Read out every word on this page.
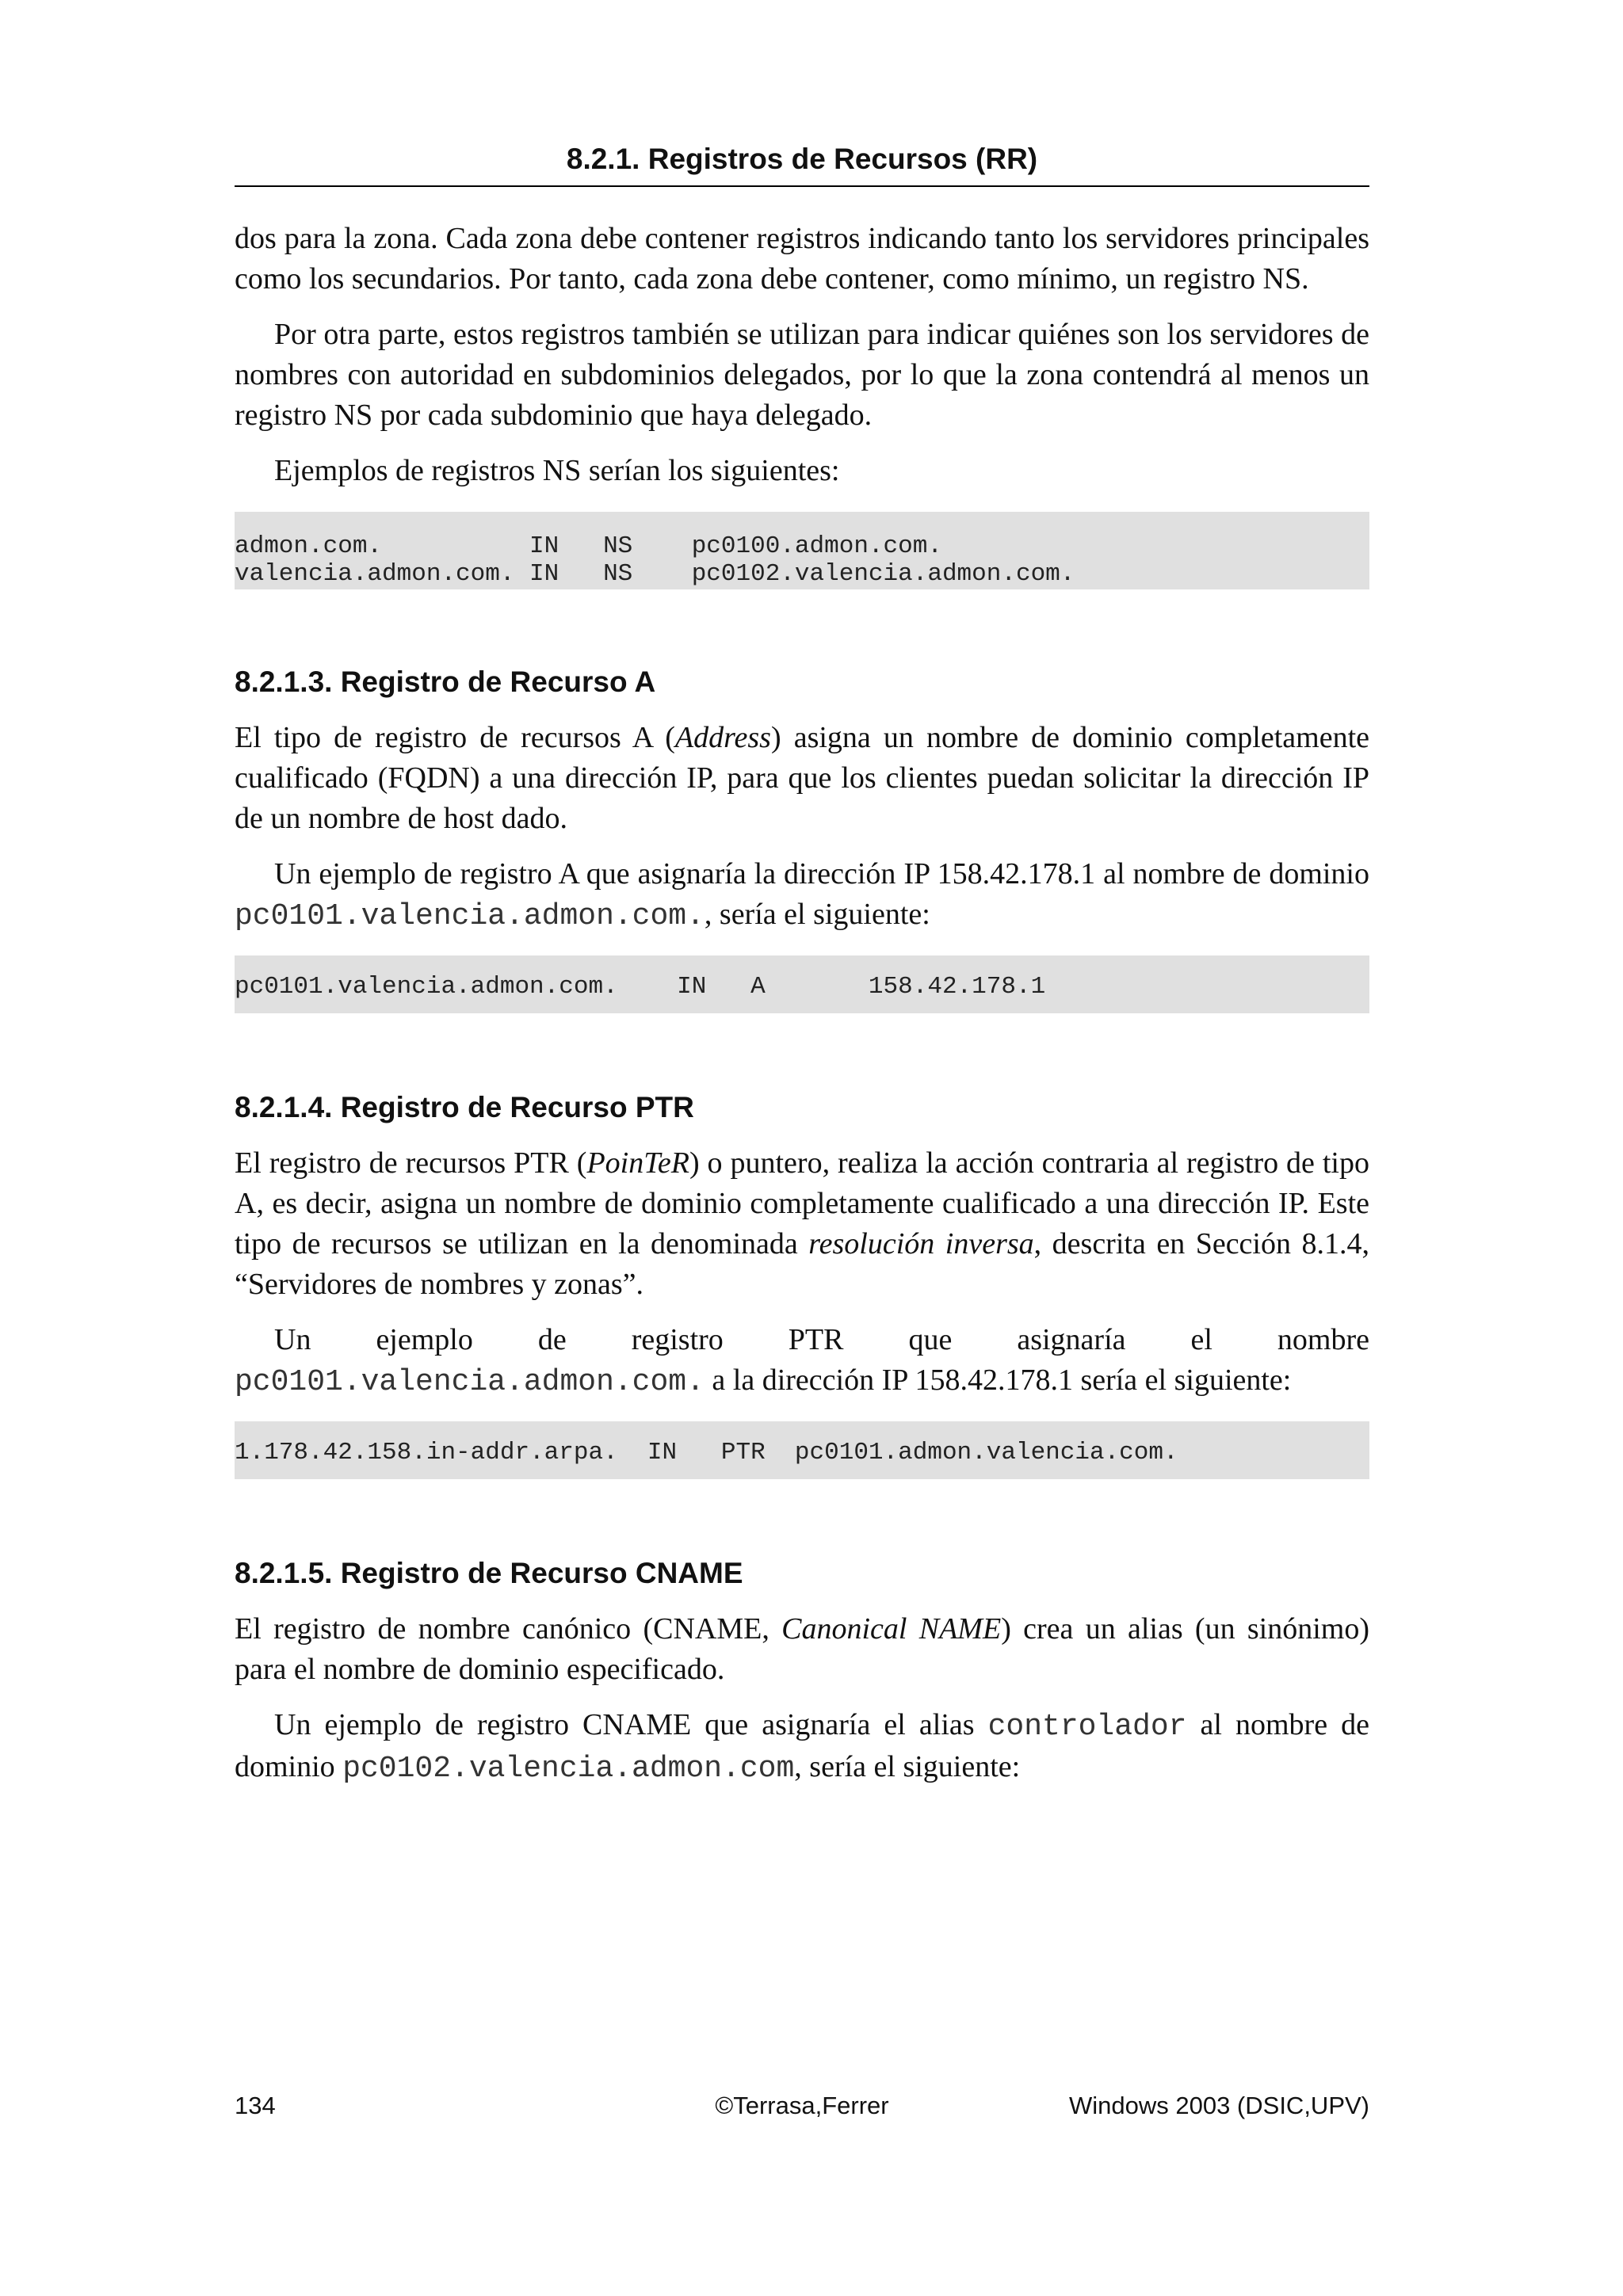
8.2.1. Registros de Recursos (RR)

dos para la zona. Cada zona debe contener registros indicando tanto los servidores principales como los secundarios. Por tanto, cada zona debe contener, como mínimo, un registro NS.

Por otra parte, estos registros también se utilizan para indicar quiénes son los servidores de nombres con autoridad en subdominios delegados, por lo que la zona contendrá al menos un registro NS por cada subdominio que haya delegado.

Ejemplos de registros NS serían los siguientes:

admon.com.          IN   NS    pc0100.admon.com.
valencia.admon.com. IN   NS    pc0102.valencia.admon.com.
8.2.1.3. Registro de Recurso A

El tipo de registro de recursos A (Address) asigna un nombre de dominio completamente cualificado (FQDN) a una dirección IP, para que los clientes puedan solicitar la dirección IP de un nombre de host dado.

Un ejemplo de registro A que asignaría la dirección IP 158.42.178.1 al nombre de dominio pc0101.valencia.admon.com., sería el siguiente:

pc0101.valencia.admon.com.    IN   A       158.42.178.1
8.2.1.4. Registro de Recurso PTR

El registro de recursos PTR (PoinTeR) o puntero, realiza la acción contraria al registro de tipo A, es decir, asigna un nombre de dominio completamente cualificado a una dirección IP. Este tipo de recursos se utilizan en la denominada resolución inversa, descrita en Sección 8.1.4, “Servidores de nombres y zonas”.

Un ejemplo de registro PTR que asignaría el nombre

pc0101.valencia.admon.com. a la dirección IP 158.42.178.1 sería el siguiente:

1.178.42.158.in-addr.arpa.  IN   PTR  pc0101.admon.valencia.com.
8.2.1.5. Registro de Recurso CNAME

El registro de nombre canónico (CNAME, Canonical NAME) crea un alias (un sinónimo) para el nombre de dominio especificado.

Un ejemplo de registro CNAME que asignaría el alias controlador al nombre de dominio pc0102.valencia.admon.com, sería el siguiente:

134	©Terrasa,Ferrer	Windows 2003 (DSIC,UPV)
